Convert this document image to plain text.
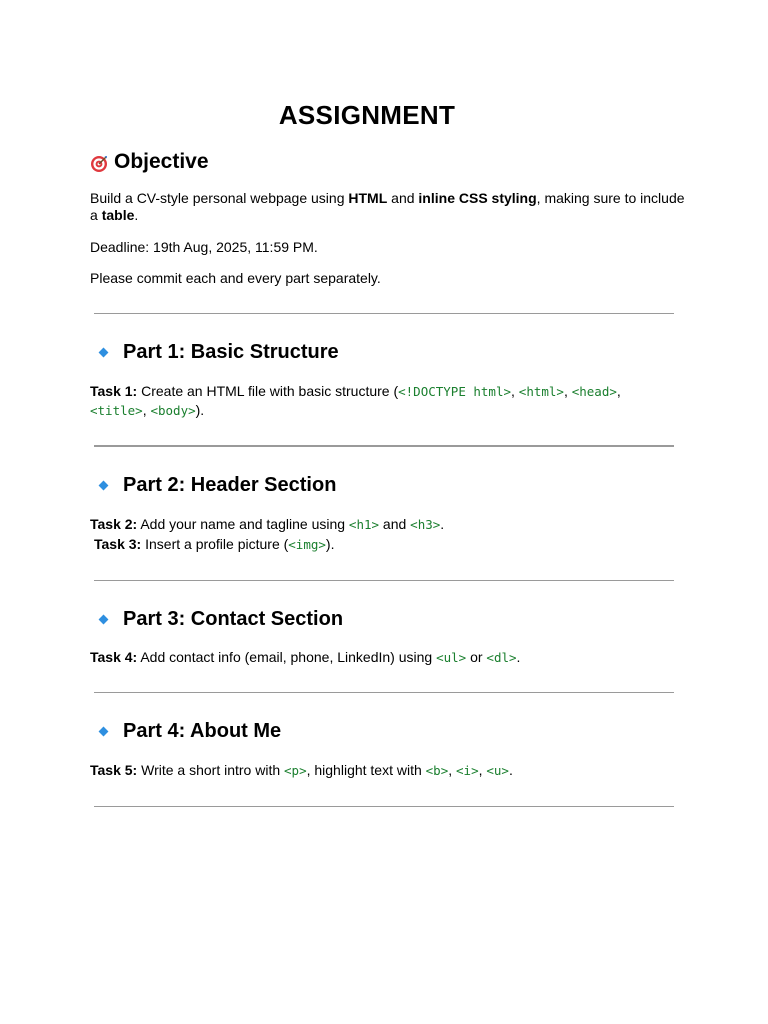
ASSIGNMENT
Objective

Build a CV-style personal webpage using HTML and inline CSS styling, making sure to include a table.

Deadline: 19th Aug, 2025, 11:59 PM.

Please commit each and every part separately.

Part 1: Basic Structure

Task 1: Create an HTML file with basic structure (<!DOCTYPE html>, <html>, <head>,
<title>, <body>).

Part 2: Header Section

Task 2: Add your name and tagline using <h1> and <h3>.

Task 3: Insert a profile picture (<img>).

Part 3: Contact Section

Task 4: Add contact info (email, phone, LinkedIn) using <ul> or <dl>.

Part 4: About Me

Task 5: Write a short intro with <p>, highlight text with <b>, <i>, <u>.
